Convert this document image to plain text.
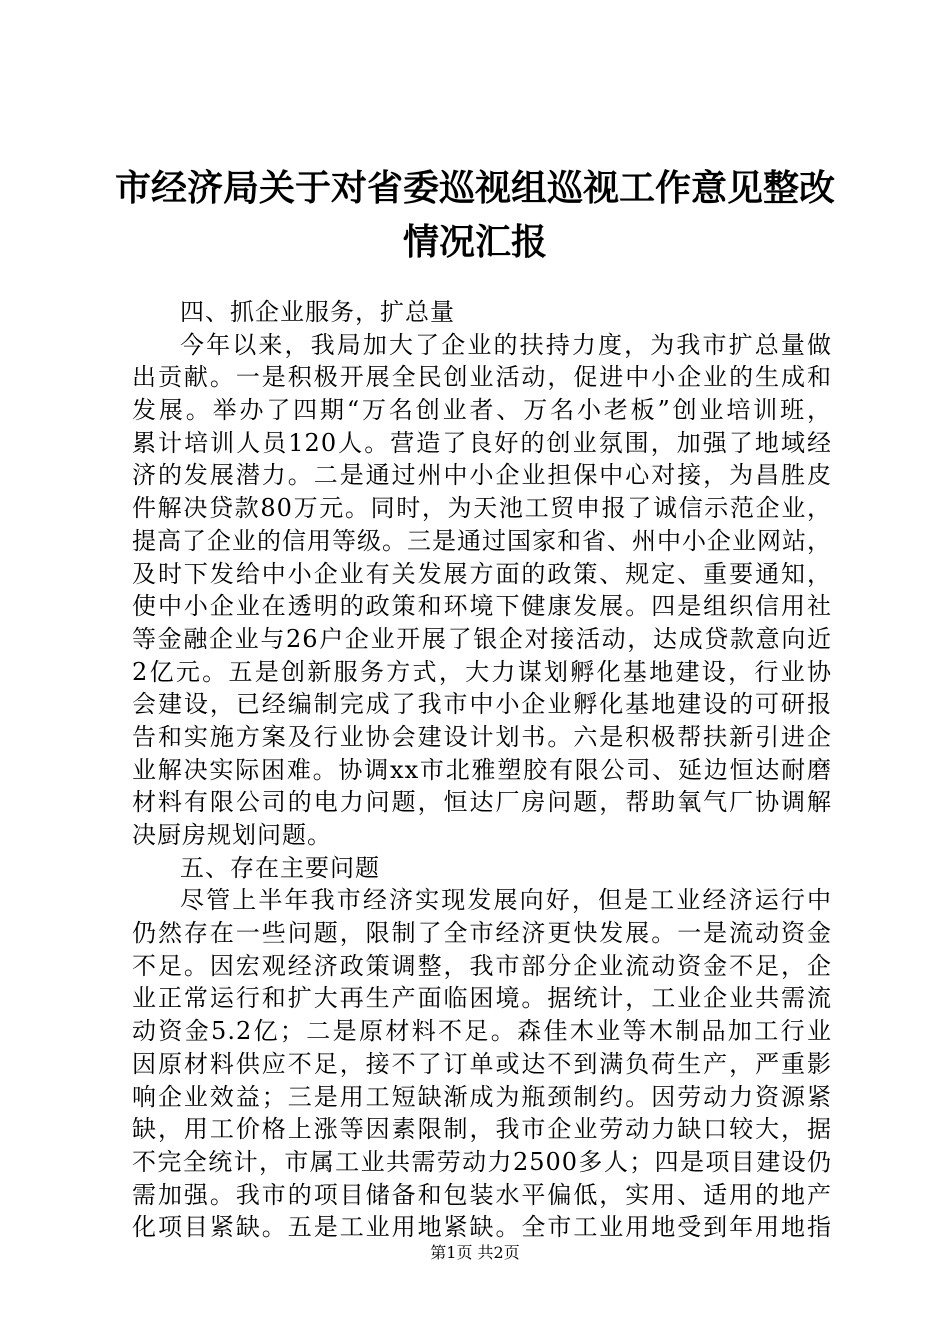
市经济局关于对省委巡视组巡视工作意见整改
情况汇报
四、抓企业服务，扩总量
今年以来，我局加大了企业的扶持力度，为我市扩总量做
出贡献。一是积极开展全民创业活动，促进中小企业的生成和
发展。举办了四期“万名创业者、万名小老板”创业培训班，
累计培训人员120人。营造了良好的创业氛围，加强了地域经
济的发展潜力。二是通过州中小企业担保中心对接，为昌胜皮
件解决贷款80万元。同时，为天池工贸申报了诚信示范企业，
提高了企业的信用等级。三是通过国家和省、州中小企业网站，
及时下发给中小企业有关发展方面的政策、规定、重要通知，
使中小企业在透明的政策和环境下健康发展。四是组织信用社
等金融企业与26户企业开展了银企对接活动，达成贷款意向近
2亿元。五是创新服务方式，大力谋划孵化基地建设，行业协
会建设，已经编制完成了我市中小企业孵化基地建设的可研报
告和实施方案及行业协会建设计划书。六是积极帮扶新引进企
业解决实际困难。协调xx市北雅塑胶有限公司、延边恒达耐磨
材料有限公司的电力问题，恒达厂房问题，帮助氧气厂协调解
决厨房规划问题。
五、存在主要问题
尽管上半年我市经济实现发展向好，但是工业经济运行中
仍然存在一些问题，限制了全市经济更快发展。一是流动资金
不足。因宏观经济政策调整，我市部分企业流动资金不足，企
业正常运行和扩大再生产面临困境。据统计，工业企业共需流
动资金5.2亿；二是原材料不足。森佳木业等木制品加工行业
因原材料供应不足，接不了订单或达不到满负荷生产，严重影
响企业效益；三是用工短缺渐成为瓶颈制约。因劳动力资源紧
缺，用工价格上涨等因素限制，我市企业劳动力缺口较大，据
不完全统计，市属工业共需劳动力2500多人；四是项目建设仍
需加强。我市的项目储备和包装水平偏低，实用、适用的地产
化项目紧缺。五是工业用地紧缺。全市工业用地受到年用地指
第1页 共2页
